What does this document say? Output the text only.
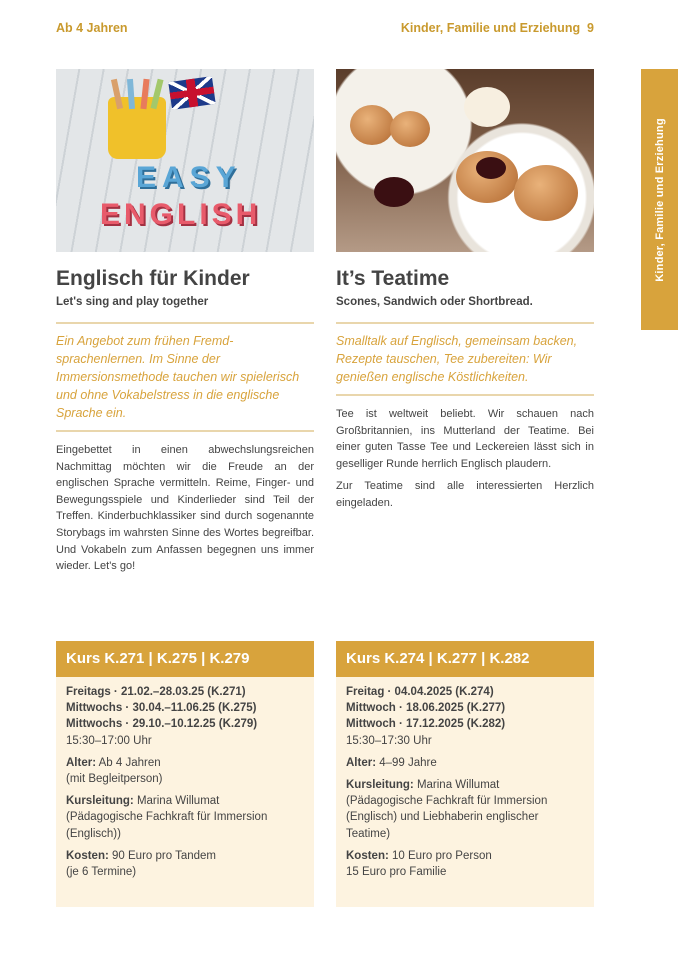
Ab 4 Jahren	Kinder, Familie und Erziehung 9
Kinder, Familie und Erziehung
EASY
ENGLISH
Englisch für Kinder
Let's sing and play together
Ein Angebot zum frühen Fremd-sprachenlernen. Im Sinne der Immersionsmethode tauchen wir spielerisch und ohne Vokabelstress in die englische Sprache ein.

Eingebettet in einen abwechslungsreichen Nachmittag möchten wir die Freude an der englischen Sprache vermitteln. Reime, Finger- und Bewegungsspiele und Kinderlieder sind Teil der Treffen. Kinderbuchklassiker sind durch sogenannte Storybags im wahrsten Sinne des Wortes begreifbar. Und Vokabeln zum Anfassen begegnen uns immer wieder. Let's go!

It’s Teatime
Scones, Sandwich oder Shortbread.
Smalltalk auf Englisch, gemeinsam backen, Rezepte tauschen, Tee zubereiten: Wir genießen englische Köstlichkeiten.

Tee ist weltweit beliebt. Wir schauen nach Großbritannien, ins Mutterland der Teatime. Bei einer guten Tasse Tee und Leckereien lässt sich in geselliger Runde herrlich Englisch plaudern.

Zur Teatime sind alle interessierten Herzlich eingeladen.

Kurs K.271 | K.275 | K.279
Freitags · 21.02.–28.03.25 (K.271)
Mittwochs · 30.04.–11.06.25 (K.275)
Mittwochs · 29.10.–10.12.25 (K.279)
15:30–17:00 Uhr
Alter: Ab 4 Jahren
(mit Begleitperson)
Kursleitung: Marina Willumat
(Pädagogische Fachkraft für Immersion (Englisch))
Kosten: 90 Euro pro Tandem
(je 6 Termine)
Kurs K.274 | K.277 | K.282
Freitag · 04.04.2025 (K.274)
Mittwoch · 18.06.2025 (K.277)
Mittwoch · 17.12.2025 (K.282)
15:30–17:30 Uhr
Alter: 4–99 Jahre
Kursleitung: Marina Willumat
(Pädagogische Fachkraft für Immersion (Englisch) und Liebhaberin englischer Teatime)
Kosten: 10 Euro pro Person
15 Euro pro Familie
